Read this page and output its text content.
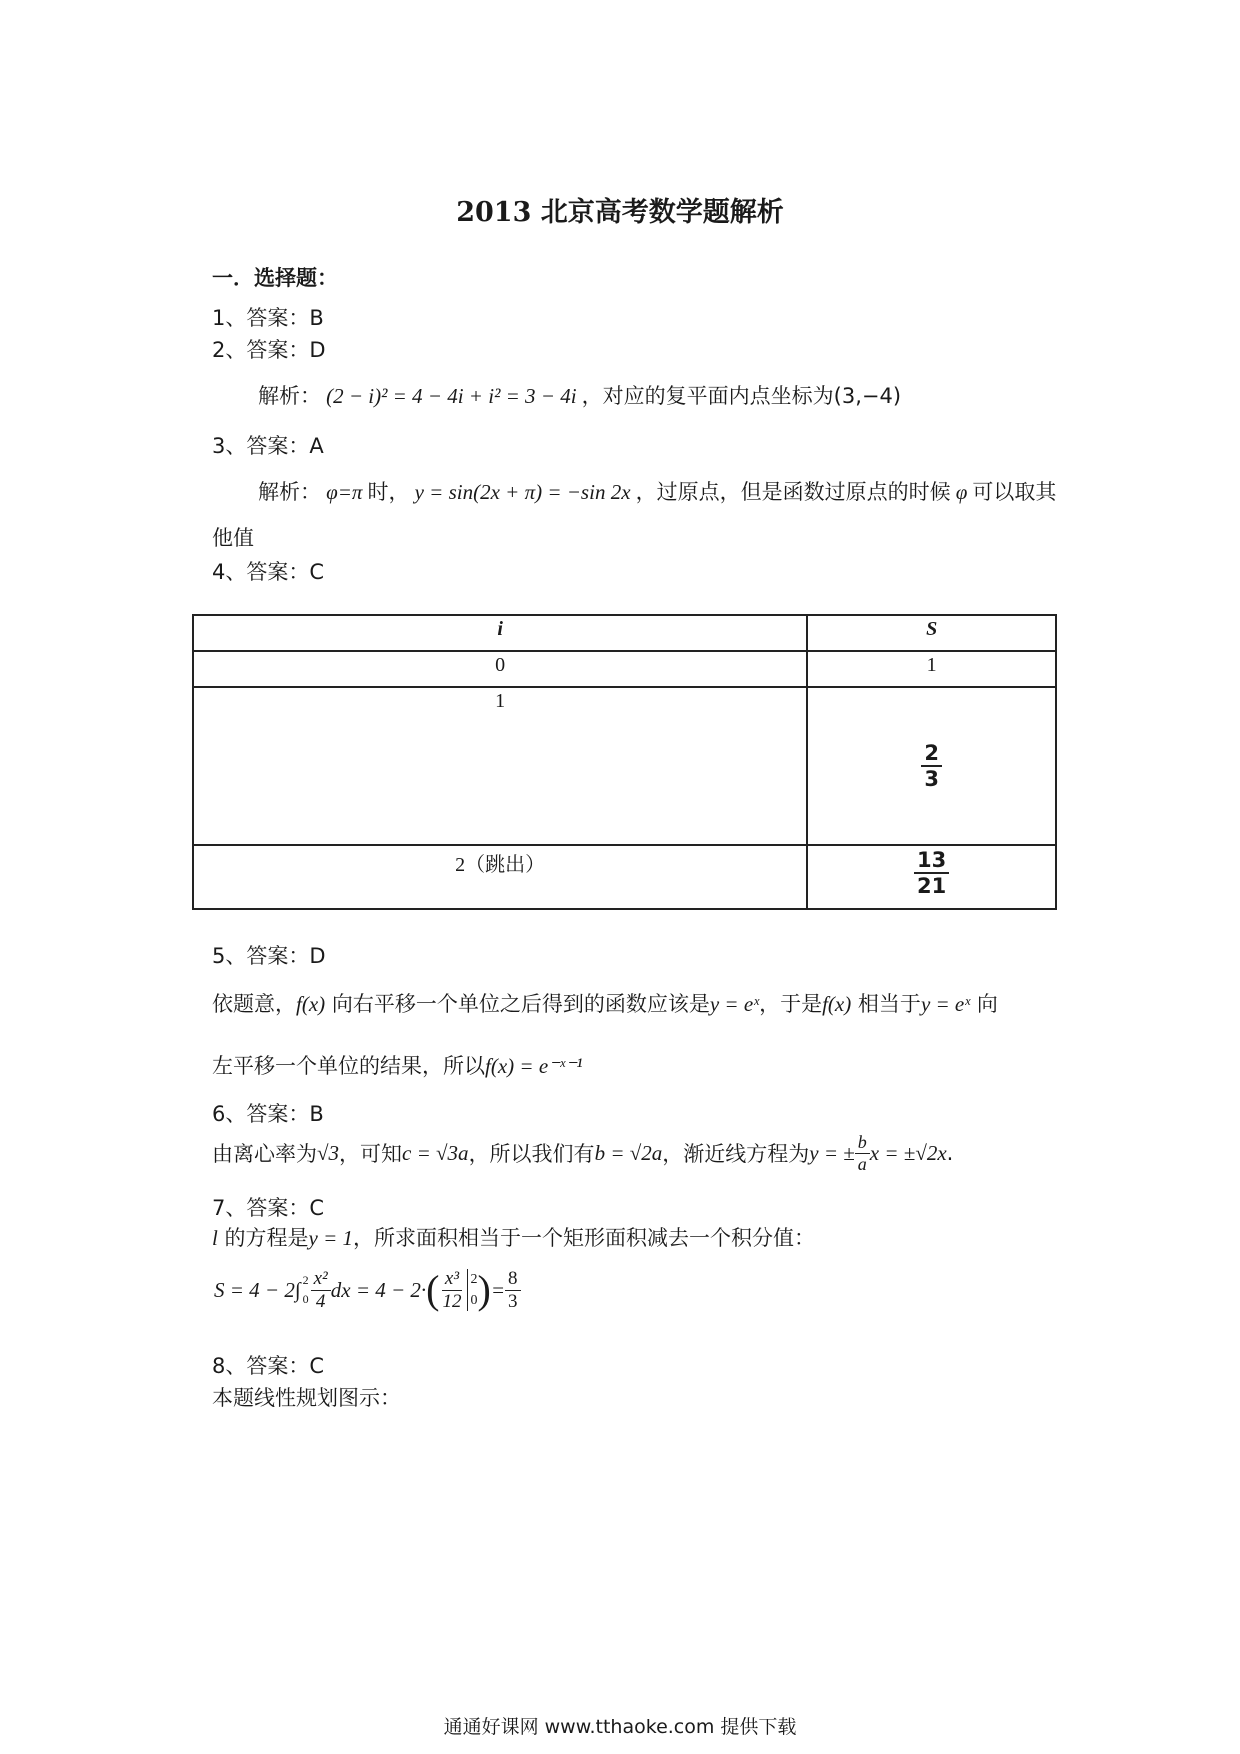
2013 北京高考数学题解析
一．选择题：
1、答案：B
2、答案：D
解析： (2 − i)² = 4 − 4i + i² = 3 − 4i ，对应的复平面内点坐标为(3,−4)
3、答案：A
解析： φ=π 时， y = sin(2x + π) = −sin 2x ，过原点，但是函数过原点的时候 φ 可以取其
他值
4、答案：C
i	S
0	1
1	$\frac{2}{3}$

2（跳出）	$\frac{13}{21}$
5、答案：D
依题意，f(x) 向右平移一个单位之后得到的函数应该是y = eˣ，于是f(x) 相当于y = eˣ 向
左平移一个单位的结果，所以f(x) = e⁻ˣ⁻¹
6、答案：B
由离心率为 √3 ，可知 c = √3a ，所以我们有 b = √2a ，渐近线方程为 y = ± $\frac{b}{a}$ x = ±√2x .
7、答案：C
l 的方程是y = 1，所求面积相当于一个矩形面积减去一个积分值：
S = 4 − 2∫ 2
$0 \frac{\text{x²}}{4}$ dx = 4 − 2· ( $\frac{\text{x³}}{12} 2$
0 ) = $\frac{8}{3}$
8、答案：C
本题线性规划图示：
通通好课网 www.tthaoke.com 提供下载
